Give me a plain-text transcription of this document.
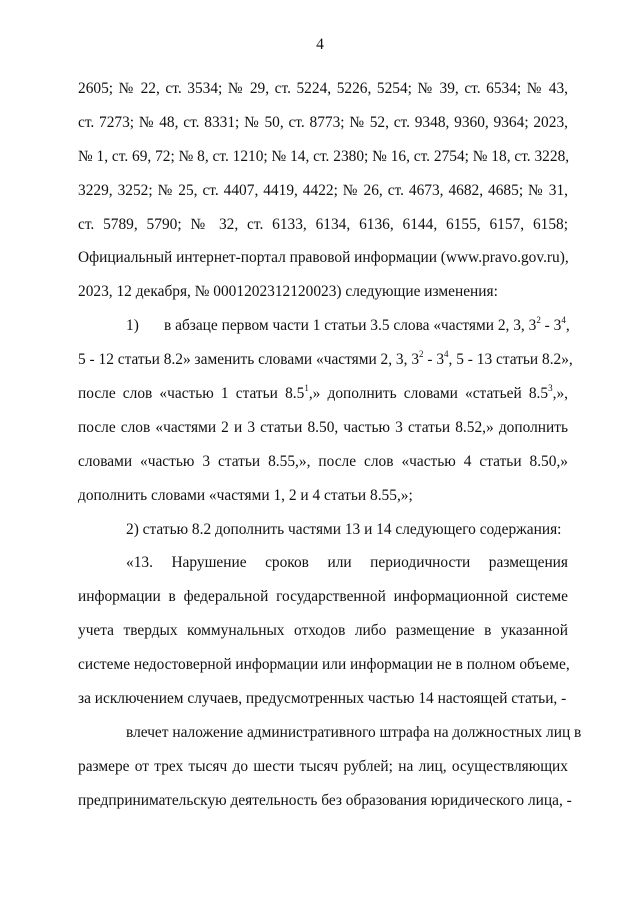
4
2605; № 22, ст. 3534; № 29, ст. 5224, 5226, 5254; № 39, ст. 6534; № 43,
ст. 7273; № 48, ст. 8331; № 50, ст. 8773; № 52, ст. 9348, 9360, 9364; 2023,
№ 1, ст. 69, 72; № 8, ст. 1210; № 14, ст. 2380; № 16, ст. 2754; № 18, ст. 3228,
3229, 3252; № 25, ст. 4407, 4419, 4422; № 26, ст. 4673, 4682, 4685; № 31,
ст. 5789, 5790; № 32, ст. 6133, 6134, 6136, 6144, 6155, 6157, 6158;
Официальный интернет-портал правовой информации (www.pravo.gov.ru),
2023, 12 декабря, № 0001202312120023) следующие изменения:
1) в абзаце первом части 1 статьи 3.5 слова «частями 2, 3, $3^2 - 3^4$,
5 - 12 статьи 8.2» заменить словами «частями 2, 3, $3^2 - 3^4$, 5 - 13 статьи 8.2»,
после слов «частью 1 статьи $8.5^1$,» дополнить словами «статьей $8.5^3$,»,
после слов «частями 2 и 3 статьи 8.50, частью 3 статьи 8.52,» дополнить
словами «частью 3 статьи 8.55,», после слов «частью 4 статьи 8.50,»
дополнить словами «частями 1, 2 и 4 статьи 8.55,»;
2) статью 8.2 дополнить частями 13 и 14 следующего содержания:
«13. Нарушение сроков или периодичности размещения
информации в федеральной государственной информационной системе
учета твердых коммунальных отходов либо размещение в указанной
системе недостоверной информации или информации не в полном объеме,
за исключением случаев, предусмотренных частью 14 настоящей статьи, -
влечет наложение административного штрафа на должностных лиц в
размере от трех тысяч до шести тысяч рублей; на лиц, осуществляющих
предпринимательскую деятельность без образования юридического лица, -
